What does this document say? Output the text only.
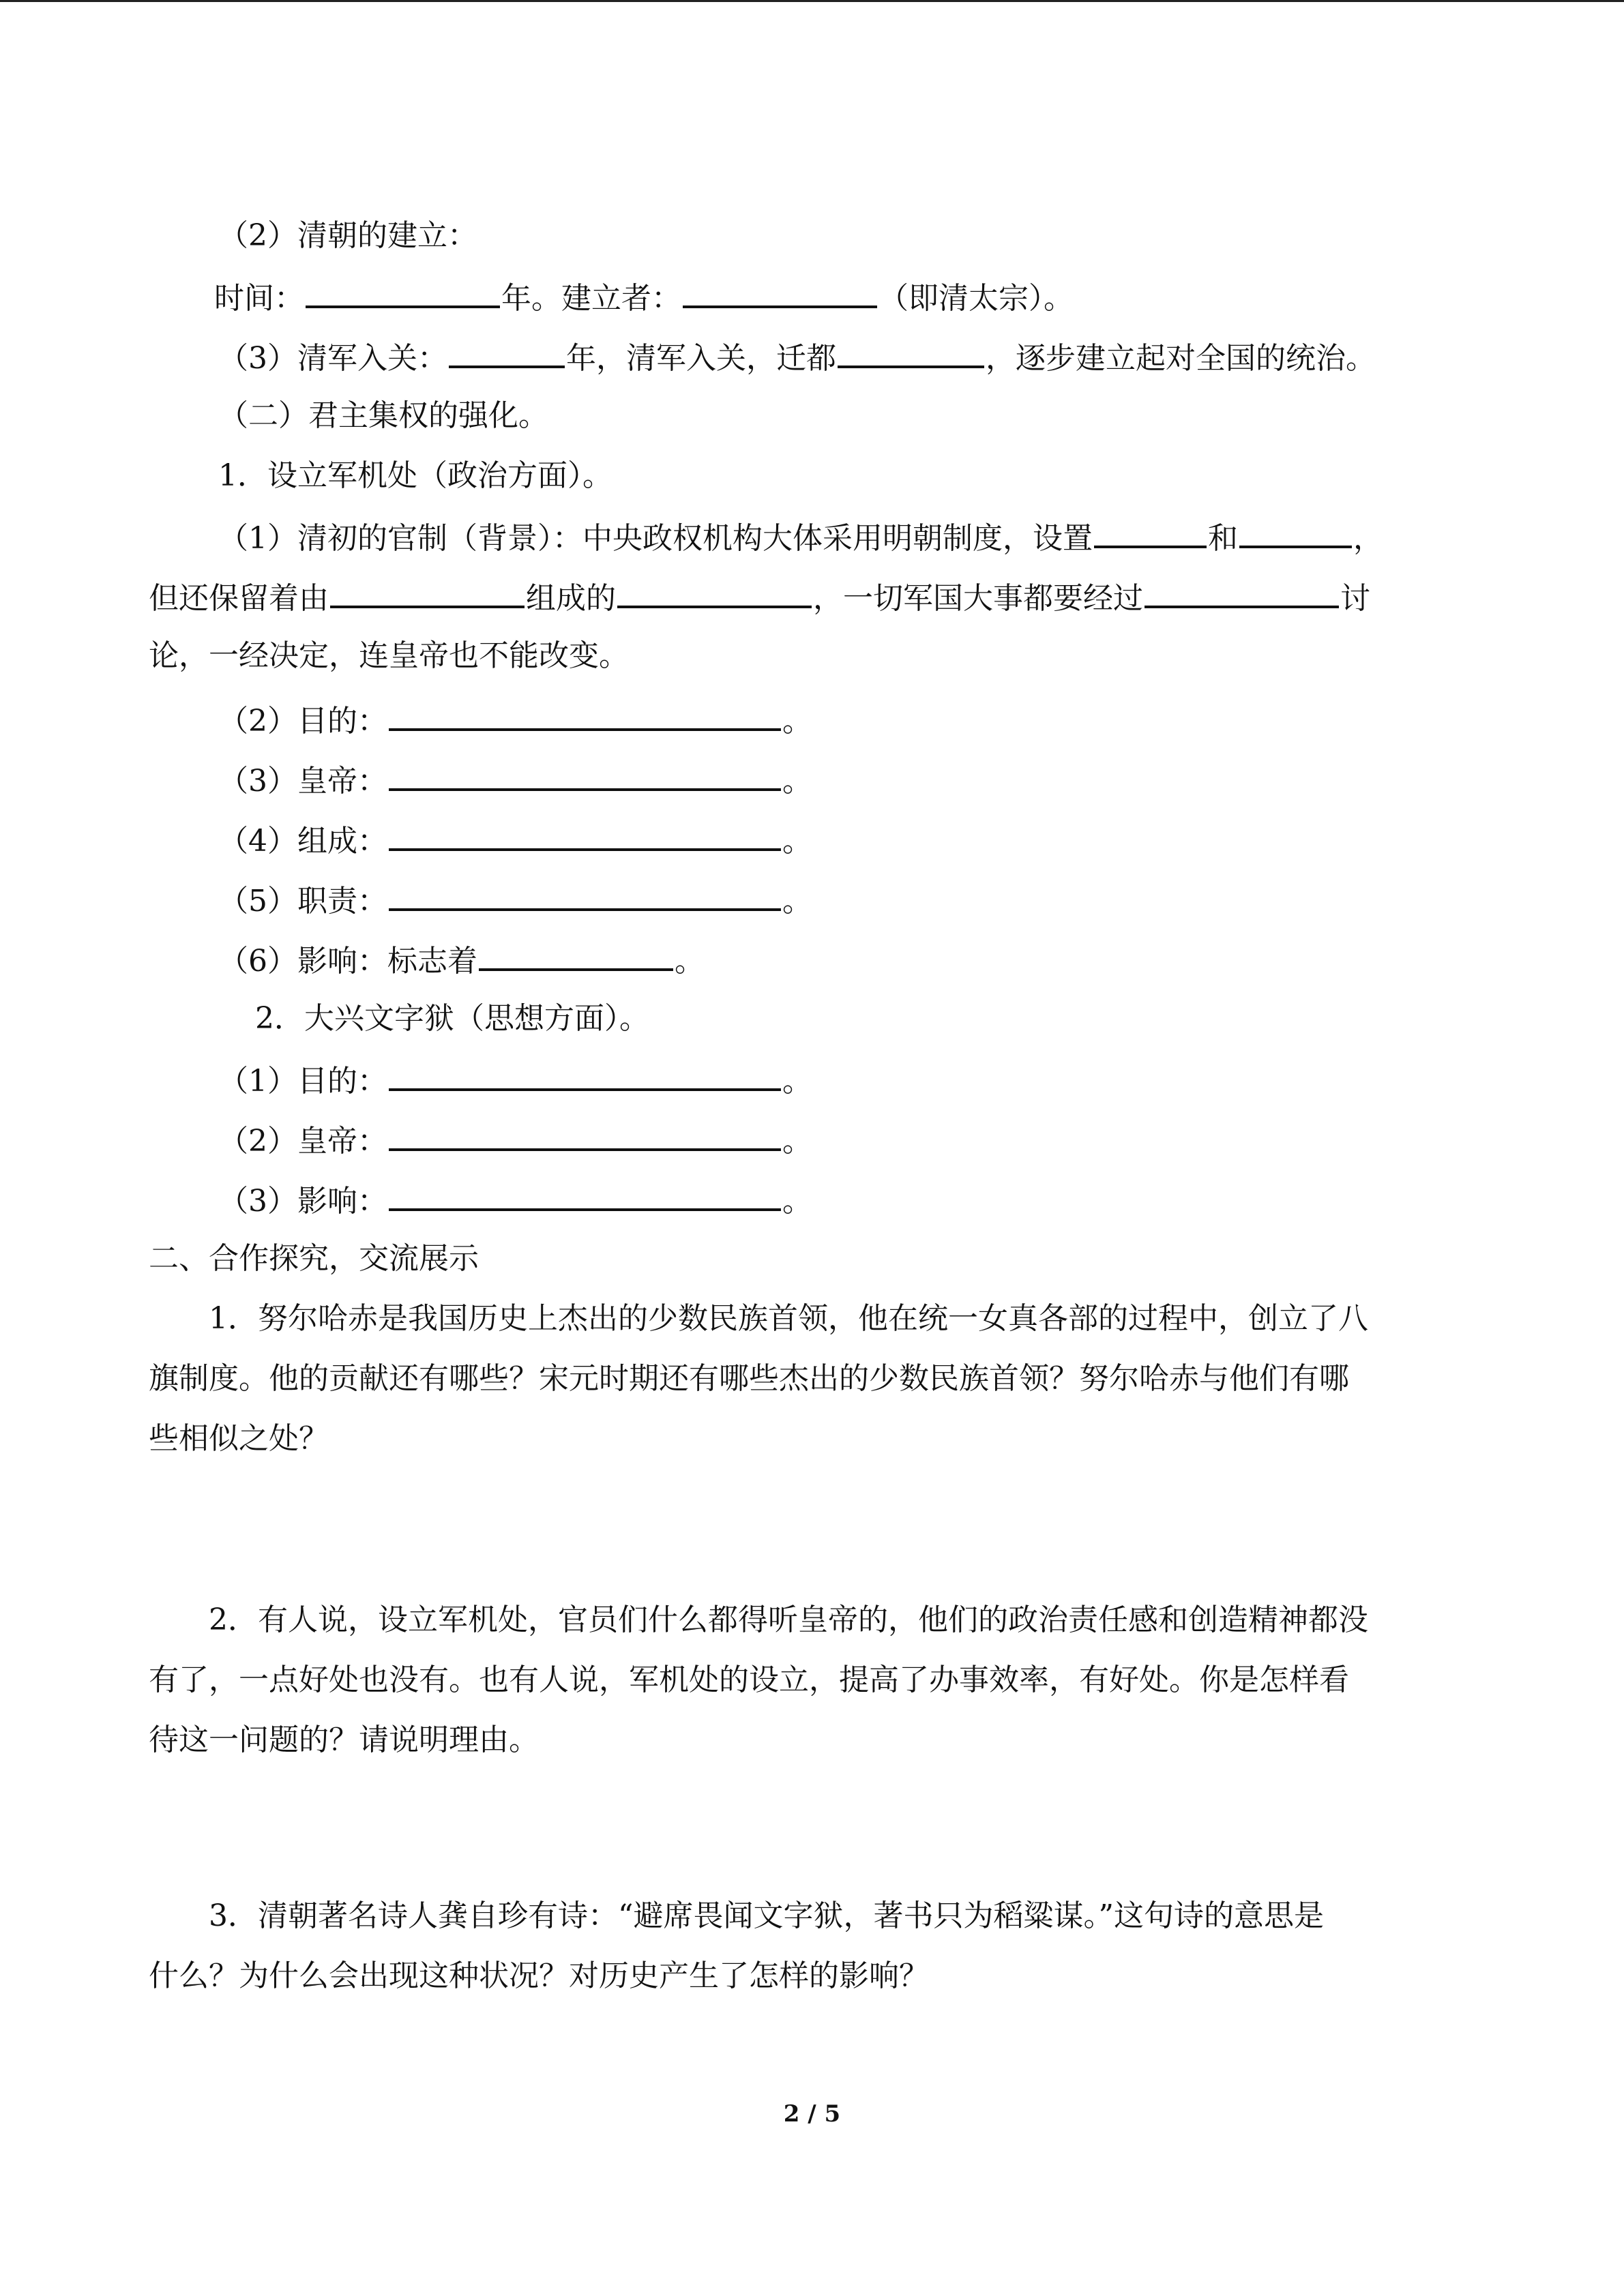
（2）清朝的建立：
时间：	年。建立者：	（即清太宗）。
（3）清军入关：	年，清军入关，迁都	，逐步建立起对全国的统治。
（二）君主集权的强化。
1．设立军机处（政治方面）。
（1）清初的官制（背景）：中央政权机构大体采用明朝制度，设置	和	，
但还保留着由	组成的	，一切军国大事都要经过	讨
论，一经决定，连皇帝也不能改变。
（2）目的：	。
（3）皇帝：	。
（4）组成：	。
（5）职责：	。
（6）影响：标志着	。
2．大兴文字狱（思想方面）。
（1）目的：	。
（2）皇帝：	。
（3）影响：	。
二、合作探究，交流展示
1．努尔哈赤是我国历史上杰出的少数民族首领，他在统一女真各部的过程中，创立了八
旗制度。他的贡献还有哪些？宋元时期还有哪些杰出的少数民族首领？努尔哈赤与他们有哪
些相似之处？
2．有人说，设立军机处，官员们什么都得听皇帝的，他们的政治责任感和创造精神都没
有了，一点好处也没有。也有人说，军机处的设立，提高了办事效率，有好处。你是怎样看
待这一问题的？请说明理由。
3．清朝著名诗人龚自珍有诗：“避席畏闻文字狱，著书只为稻粱谋。”这句诗的意思是
什么？为什么会出现这种状况？对历史产生了怎样的影响？
2 / 5
